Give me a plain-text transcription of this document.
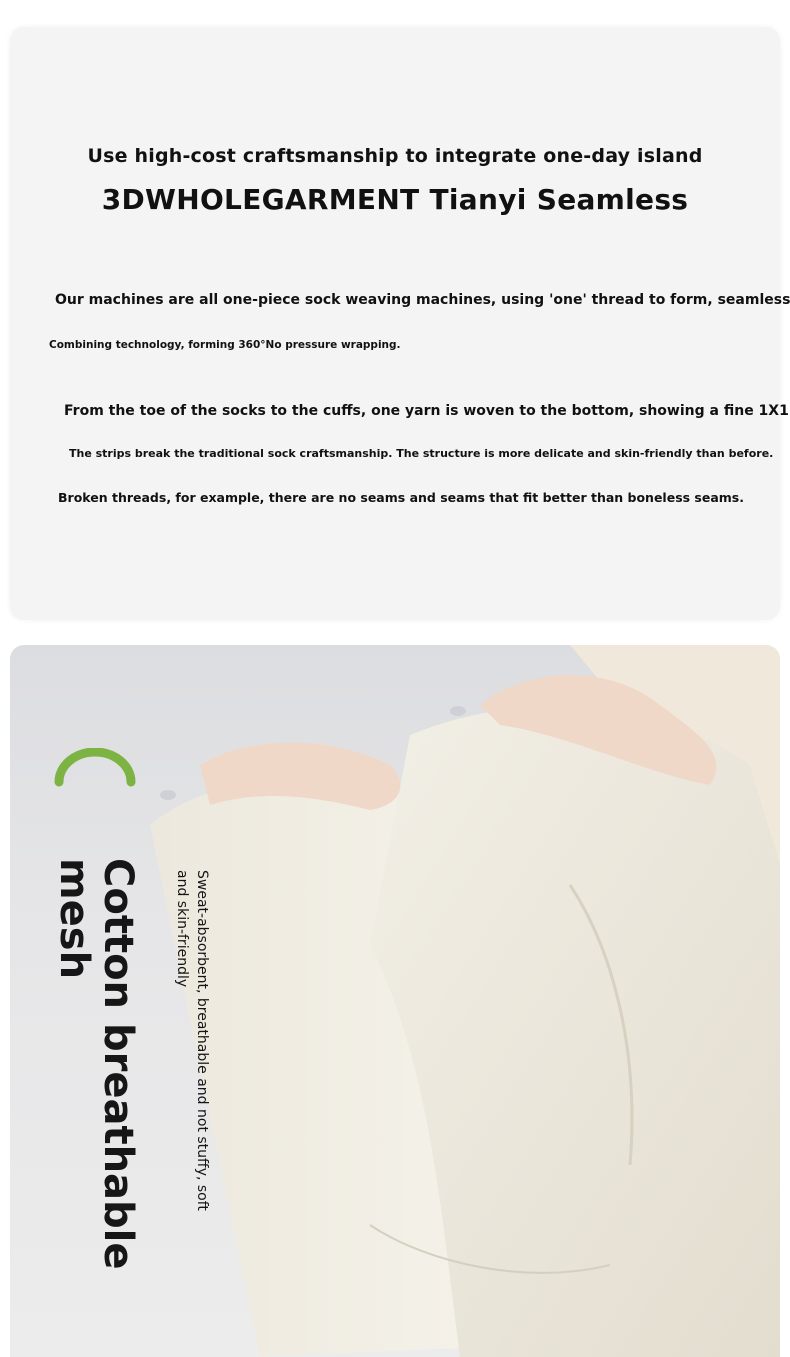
Use high-cost craftsmanship to integrate one-day island
3DWHOLEGARMENT Tianyi Seamless
Our machines are all one-piece sock weaving machines, using 'one' thread to form, seamless
Combining technology, forming 360°No pressure wrapping.
From the toe of the socks to the cuffs, one yarn is woven to the bottom, showing a fine 1X1
The strips break the traditional sock craftsmanship. The structure is more delicate and skin-friendly than before.
Broken threads, for example, there are no seams and seams that fit better than boneless seams.
Cotton breathable
mesh	Sweat-absorbent, breathable and not stuffy, soft
and skin-friendly
